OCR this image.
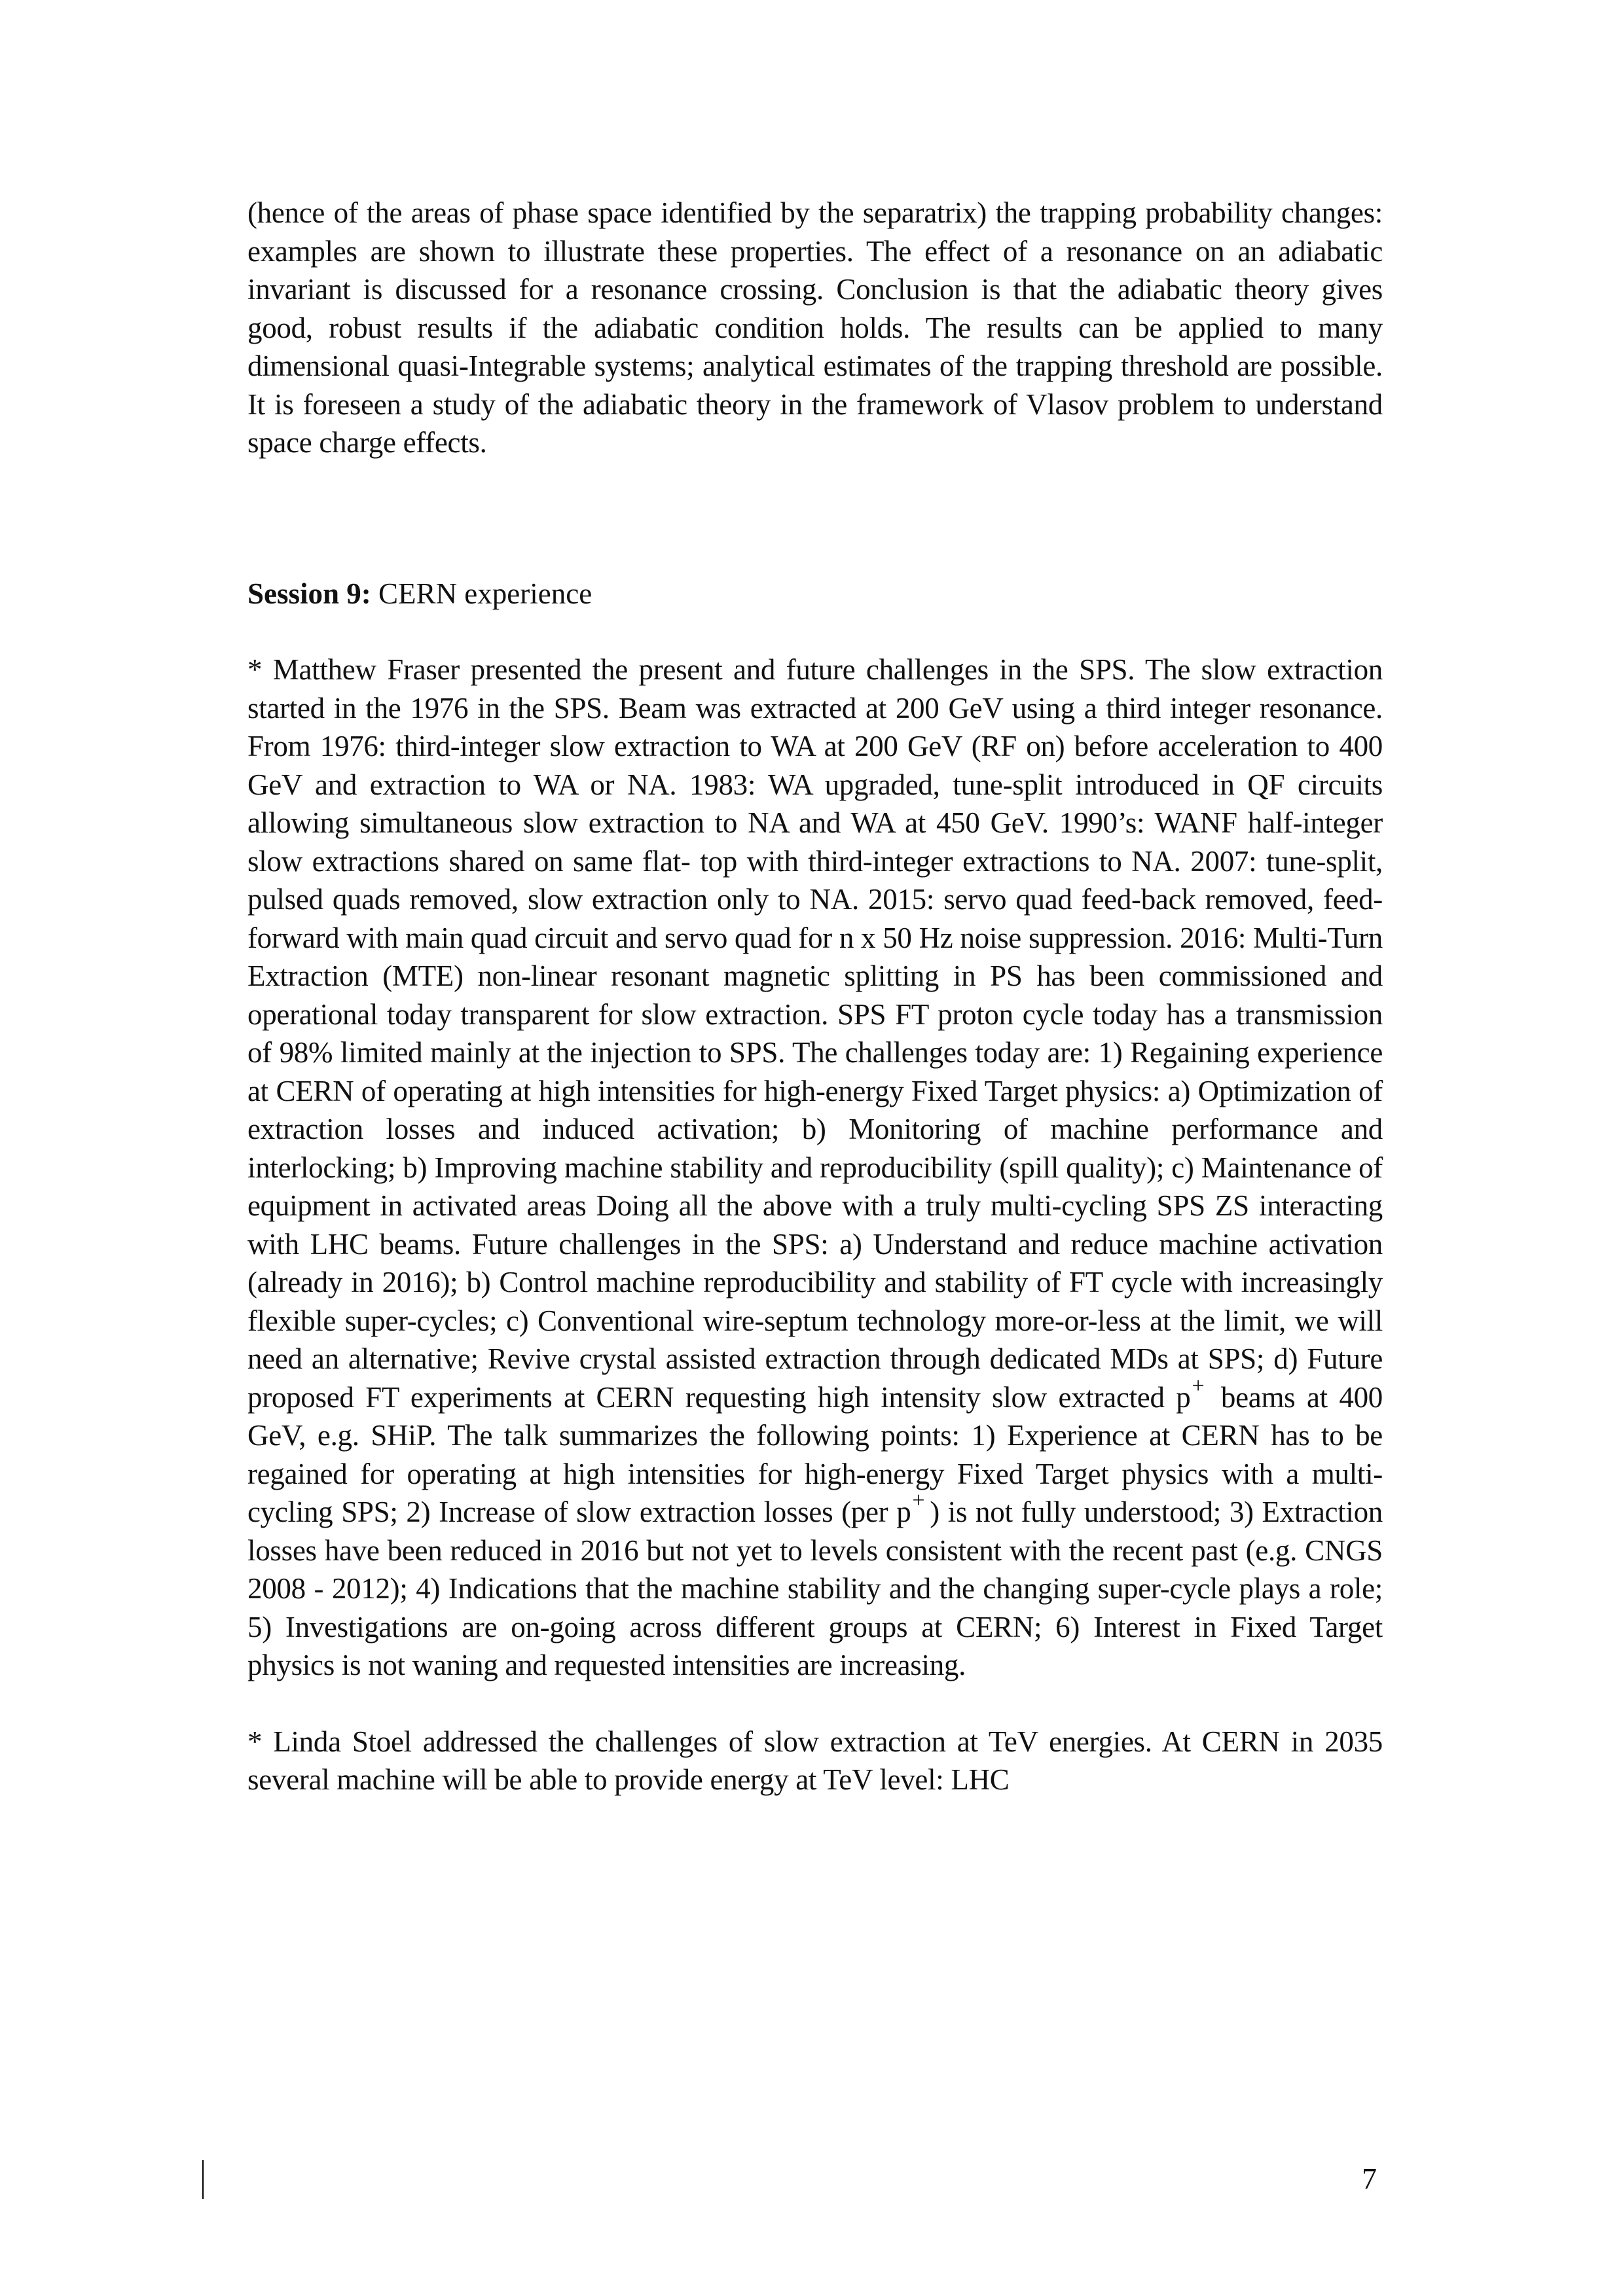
(hence of the areas of phase space identified by the separatrix) the trapping probability changes: examples are shown to illustrate these properties. The effect of a resonance on an adiabatic invariant is discussed for a resonance crossing. Conclusion is that the adiabatic theory gives good, robust results if the adiabatic condition holds. The results can be applied to many dimensional quasi-Integrable systems; analytical estimates of the trapping threshold are possible. It is foreseen a study of the adiabatic theory in the framework of Vlasov problem to understand space charge effects.

Session 9: CERN experience

* Matthew Fraser presented the present and future challenges in the SPS. The slow extraction started in the 1976 in the SPS. Beam was extracted at 200 GeV using a third integer resonance. From 1976: third-integer slow extraction to WA at 200 GeV (RF on) before acceleration to 400 GeV and extraction to WA or NA. 1983: WA upgraded, tune-split introduced in QF circuits allowing simultaneous slow extraction to NA and WA at 450 GeV. 1990’s: WANF half-integer slow extractions shared on same flat- top with third-integer extractions to NA. 2007: tune-split, pulsed quads removed, slow extraction only to NA. 2015: servo quad feed-back removed, feed-forward with main quad circuit and servo quad for n x 50 Hz noise suppression. 2016: Multi-Turn Extraction (MTE) non-linear resonant magnetic splitting in PS has been commissioned and operational today transparent for slow extraction. SPS FT proton cycle today has a transmission of 98% limited mainly at the injection to SPS. The challenges today are: 1) Regaining experience at CERN of operating at high intensities for high-energy Fixed Target physics: a) Optimization of extraction losses and induced activation; b) Monitoring of machine performance and interlocking; b) Improving machine stability and reproducibility (spill quality); c) Maintenance of equipment in activated areas Doing all the above with a truly multi-cycling SPS ZS interacting with LHC beams. Future challenges in the SPS: a) Understand and reduce machine activation (already in 2016); b) Control machine reproducibility and stability of FT cycle with increasingly flexible super-cycles; c) Conventional wire-septum technology more-or-less at the limit, we will need an alternative; Revive crystal assisted extraction through dedicated MDs at SPS; d) Future proposed FT experiments at CERN requesting high intensity slow extracted p+ beams at 400 GeV, e.g. SHiP. The talk summarizes the following points: 1) Experience at CERN has to be regained for operating at high intensities for high-energy Fixed Target physics with a multi-cycling SPS; 2) Increase of slow extraction losses (per p+ ) is not fully understood; 3) Extraction losses have been reduced in 2016 but not yet to levels consistent with the recent past (e.g. CNGS 2008 - 2012); 4) Indications that the machine stability and the changing super-cycle plays a role; 5) Investigations are on-going across different groups at CERN; 6) Interest in Fixed Target physics is not waning and requested intensities are increasing.

* Linda Stoel addressed the challenges of slow extraction at TeV energies. At CERN in 2035 several machine will be able to provide energy at TeV level: LHC

7
